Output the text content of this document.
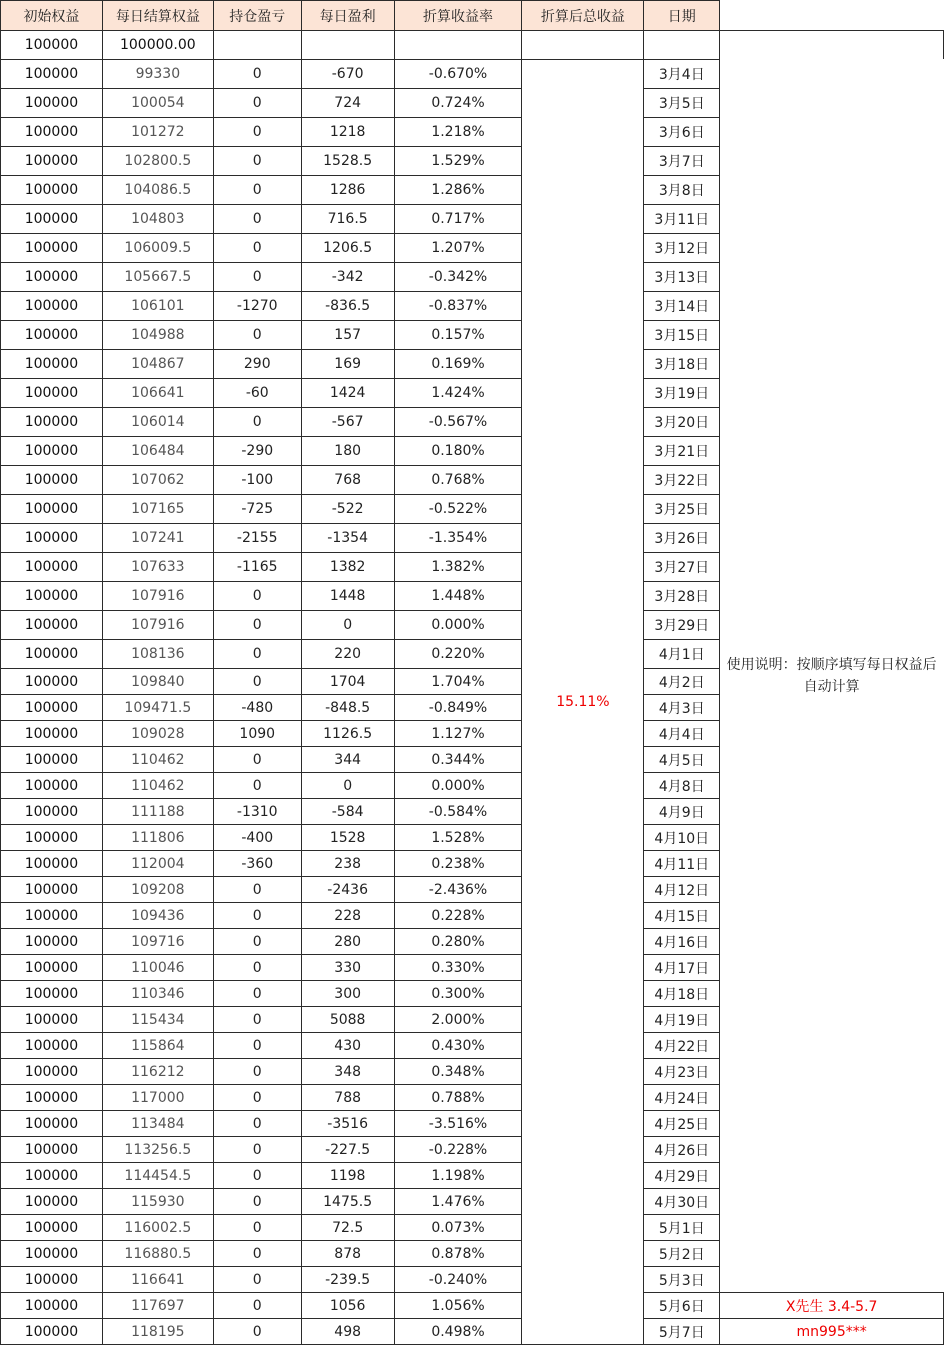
初始权益	每日结算权益	持仓盈亏	每日盈利	折算收益率	折算后总收益	日期	
100000	100000.00						
100000	99330	0	-670	-0.670%	15.11%	3月4日	使用说明：按顺序填写每日权益后自动计算
100000	100054	0	724	0.724%		3月5日	
100000	101272	0	1218	1.218%		3月6日	
100000	102800.5	0	1528.5	1.529%		3月7日	
100000	104086.5	0	1286	1.286%		3月8日	
100000	104803	0	716.5	0.717%		3月11日	
100000	106009.5	0	1206.5	1.207%		3月12日	
100000	105667.5	0	-342	-0.342%		3月13日	
100000	106101	-1270	-836.5	-0.837%		3月14日	
100000	104988	0	157	0.157%		3月15日	
100000	104867	290	169	0.169%		3月18日	
100000	106641	-60	1424	1.424%		3月19日	
100000	106014	0	-567	-0.567%		3月20日	
100000	106484	-290	180	0.180%		3月21日	
100000	107062	-100	768	0.768%		3月22日	
100000	107165	-725	-522	-0.522%		3月25日	
100000	107241	-2155	-1354	-1.354%		3月26日	
100000	107633	-1165	1382	1.382%		3月27日	
100000	107916	0	1448	1.448%		3月28日	
100000	107916	0	0	0.000%		3月29日	
100000	108136	0	220	0.220%		4月1日	
100000	109840	0	1704	1.704%		4月2日	
100000	109471.5	-480	-848.5	-0.849%		4月3日	
100000	109028	1090	1126.5	1.127%		4月4日	
100000	110462	0	344	0.344%		4月5日	
100000	110462	0	0	0.000%		4月8日	
100000	111188	-1310	-584	-0.584%		4月9日	
100000	111806	-400	1528	1.528%		4月10日	
100000	112004	-360	238	0.238%		4月11日	
100000	109208	0	-2436	-2.436%		4月12日	
100000	109436	0	228	0.228%		4月15日	
100000	109716	0	280	0.280%		4月16日	
100000	110046	0	330	0.330%		4月17日	
100000	110346	0	300	0.300%		4月18日	
100000	115434	0	5088	2.000%		4月19日	
100000	115864	0	430	0.430%		4月22日	
100000	116212	0	348	0.348%		4月23日	
100000	117000	0	788	0.788%		4月24日	
100000	113484	0	-3516	-3.516%		4月25日	
100000	113256.5	0	-227.5	-0.228%		4月26日	
100000	114454.5	0	1198	1.198%		4月29日	
100000	115930	0	1475.5	1.476%		4月30日	
100000	116002.5	0	72.5	0.073%		5月1日	
100000	116880.5	0	878	0.878%		5月2日	
100000	116641	0	-239.5	-0.240%		5月3日	
100000	117697	0	1056	1.056%		5月6日	X先生 3.4-5.7
100000	118195	0	498	0.498%		5月7日	mn995***
